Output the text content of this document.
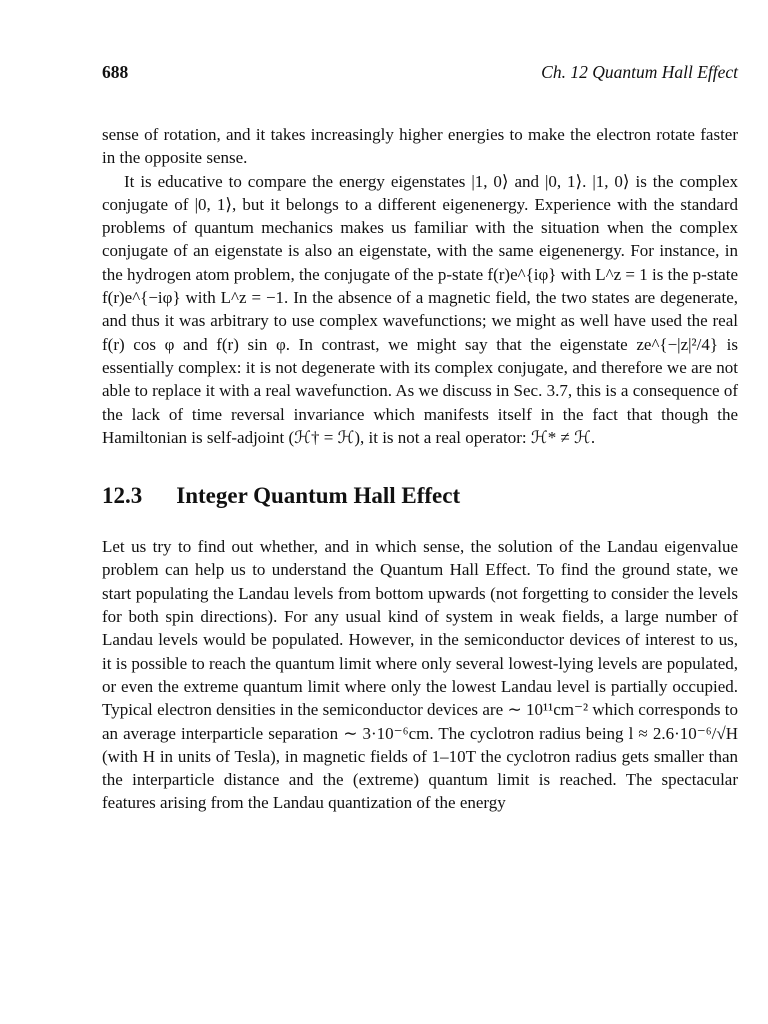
688	Ch. 12 Quantum Hall Effect

sense of rotation, and it takes increasingly higher energies to make the electron rotate faster in the opposite sense.

It is educative to compare the energy eigenstates |1, 0⟩ and |0, 1⟩. |1, 0⟩ is the complex conjugate of |0, 1⟩, but it belongs to a different eigenenergy. Experience with the standard problems of quantum mechanics makes us familiar with the situation when the complex conjugate of an eigenstate is also an eigenstate, with the same eigenenergy. For instance, in the hydrogen atom problem, the conjugate of the p-state f(r)e^{iφ} with L^z = 1 is the p-state f(r)e^{−iφ} with L^z = −1. In the absence of a magnetic field, the two states are degenerate, and thus it was arbitrary to use complex wavefunctions; we might as well have used the real f(r) cos φ and f(r) sin φ. In contrast, we might say that the eigenstate ze^{−|z|²/4} is essentially complex: it is not degenerate with its complex conjugate, and therefore we are not able to replace it with a real wavefunction. As we discuss in Sec. 3.7, this is a consequence of the lack of time reversal invariance which manifests itself in the fact that though the Hamiltonian is self-adjoint (ℋ† = ℋ), it is not a real operator: ℋ* ≠ ℋ.

12.3 Integer Quantum Hall Effect

Let us try to find out whether, and in which sense, the solution of the Landau eigenvalue problem can help us to understand the Quantum Hall Effect. To find the ground state, we start populating the Landau levels from bottom upwards (not forgetting to consider the levels for both spin directions). For any usual kind of system in weak fields, a large number of Landau levels would be populated. However, in the semiconductor devices of interest to us, it is possible to reach the quantum limit where only several lowest-lying levels are populated, or even the extreme quantum limit where only the lowest Landau level is partially occupied. Typical electron densities in the semiconductor devices are ∼ 10¹¹cm⁻² which corresponds to an average interparticle separation ∼ 3·10⁻⁶cm. The cyclotron radius being l ≈ 2.6·10⁻⁶/√H (with H in units of Tesla), in magnetic fields of 1–10T the cyclotron radius gets smaller than the interparticle distance and the (extreme) quantum limit is reached. The spectacular features arising from the Landau quantization of the energy
